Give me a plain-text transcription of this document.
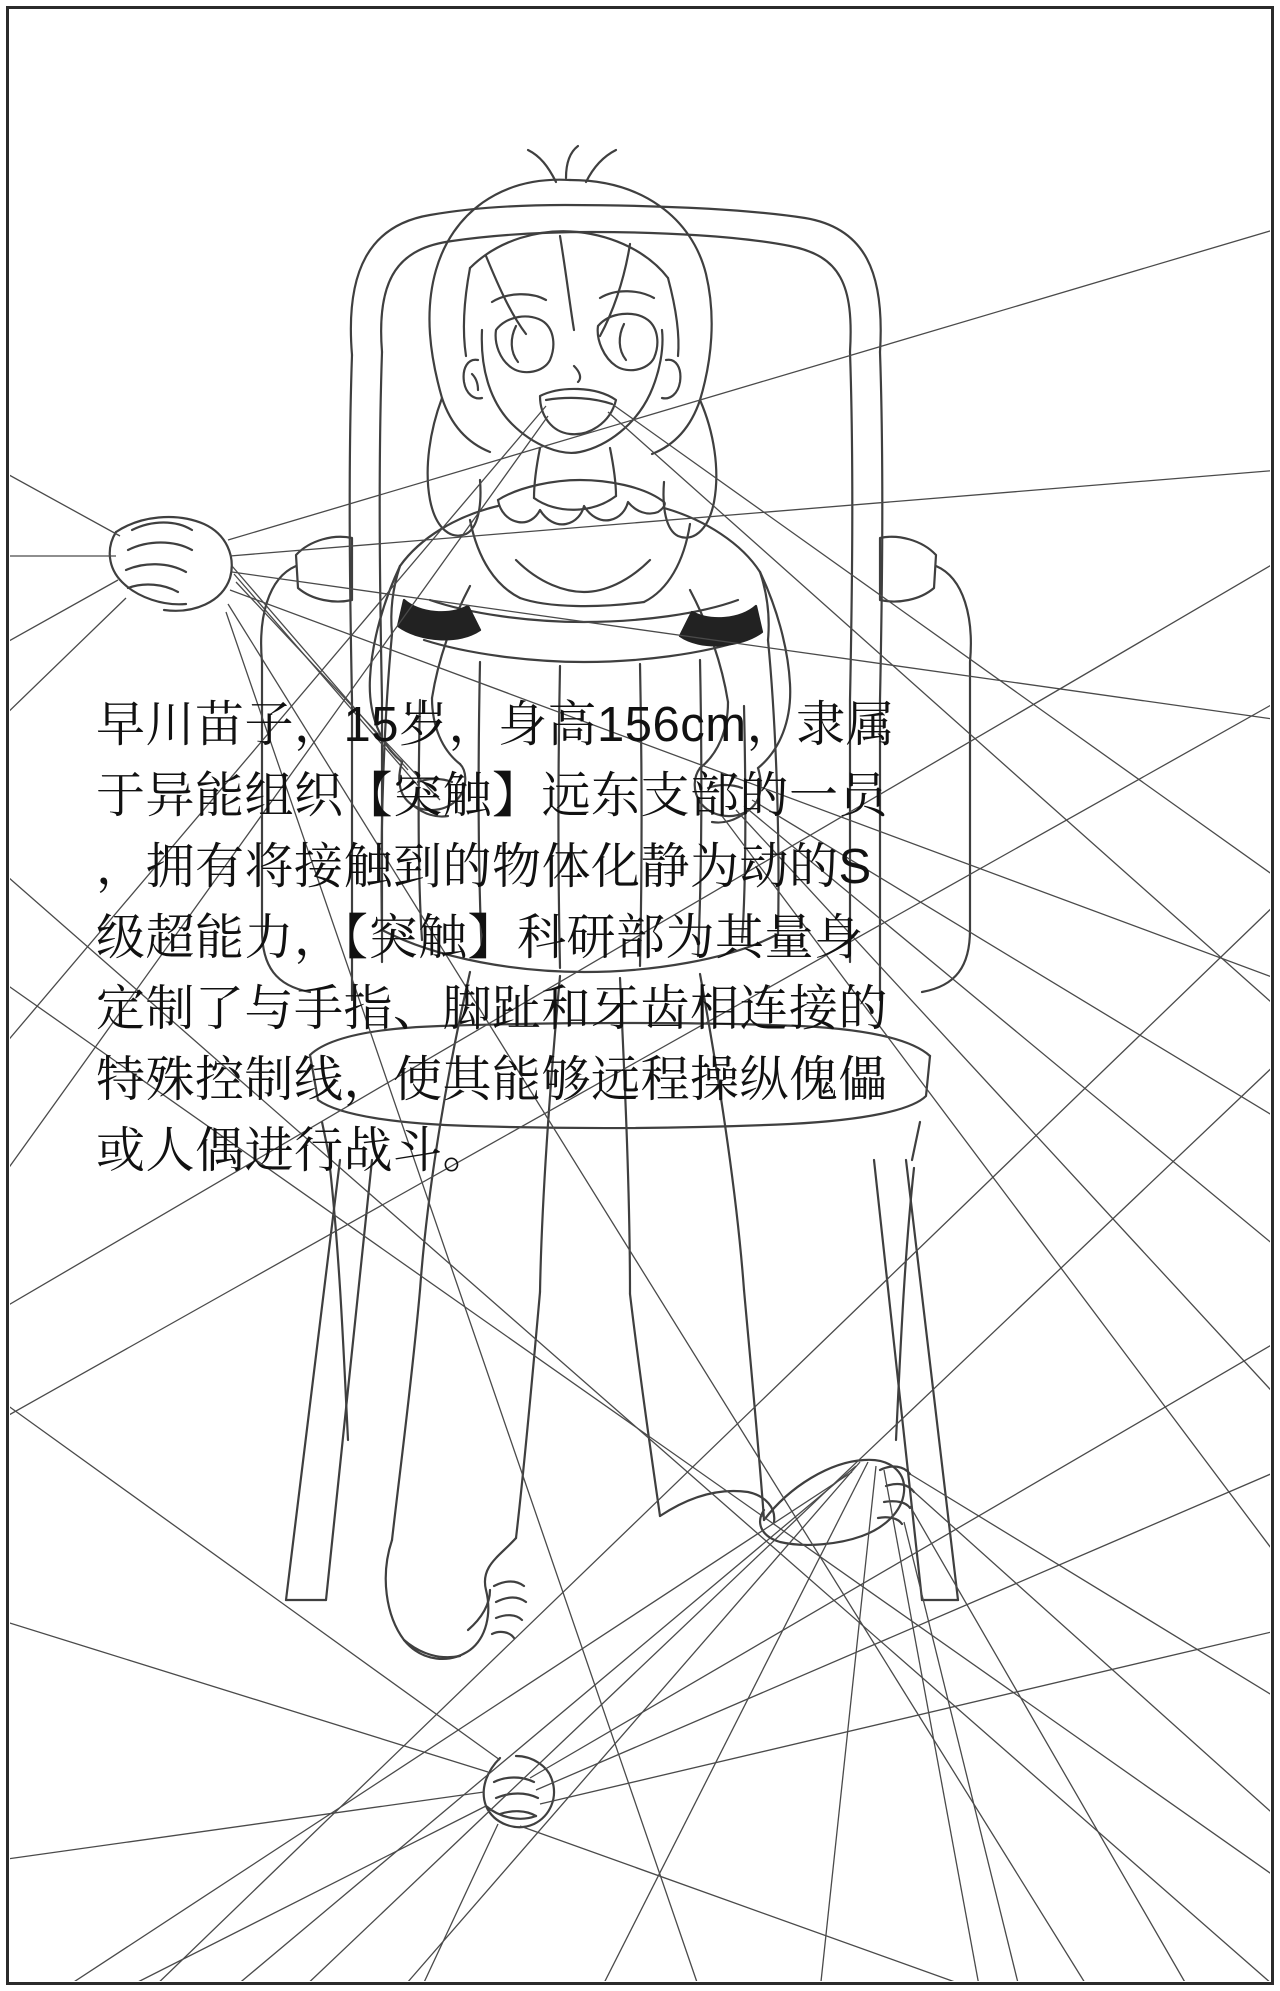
早川苗子，15岁，身高156cm，隶属
于异能组织【突触】远东支部的一员
，拥有将接触到的物体化静为动的S
级超能力，【突触】科研部为其量身
定制了与手指、脚趾和牙齿相连接的
特殊控制线，使其能够远程操纵傀儡
或人偶进行战斗。
